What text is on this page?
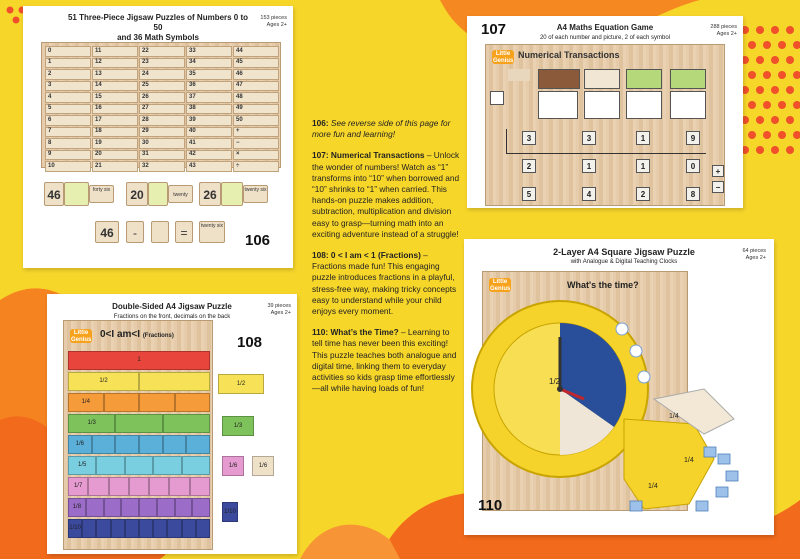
51 Three-Piece Jigsaw Puzzles of Numbers 0 to 50
and 36 Math Symbols
153 pieces
Ages 2+
0	11	22	33	44
1	12	23	34	45
2	13	24	35	46
3	14	25	36	47
4	15	26	37	48
5	16	27	38	49
6	17	28	39	50
7	18	29	40	+
8	19	30	41	−
9	20	31	42	×
10	21	32	43	÷
46	forty six	20	twenty	26	twenty six
46	-	=	twenty six
106
107	A4 Maths Equation Game
20 of each number and picture, 2 of each symbol
288 pieces
Ages 2+
Little Genius
Numerical Transactions
3	3	1	9
2	1	1	0
5	4	2	8
+
−
Double-Sided A4 Jigsaw Puzzle
Fractions on the front, decimals on the back
39 pieces
Ages 2+
Little Genius 0<I am<I (Fractions)
1
1/2
1/4
1/3
1/6
1/5
1/7
1/8
1/10
108
1/2
1/3
1/6	1/6
1/10
2-Layer A4 Square Jigsaw Puzzle
with Analogue & Digital Teaching Clocks
64 pieces
Ages 2+
Little Genius	What's the time?
1/4
1/2
1/4
1/4
110

106: See reverse side of this page for more fun and learning!

107: Numerical Transactions – Unlock the wonder of numbers! Watch as “1” transforms into “10” when borrowed and “10” shrinks to “1” when carried. This hands-on puzzle makes addition, subtraction, multiplication and division easy to grasp—turning math into an exciting adventure instead of a struggle!

108: 0 < I am < 1 (Fractions) – Fractions made fun! This engaging puzzle introduces fractions in a playful, stress-free way, making tricky concepts easy to understand while your child enjoys every moment.

110: What’s the Time? – Learning to tell time has never been this exciting! This puzzle teaches both analogue and digital time, linking them to everyday activities so kids grasp time effortlessly—all while having loads of fun!
